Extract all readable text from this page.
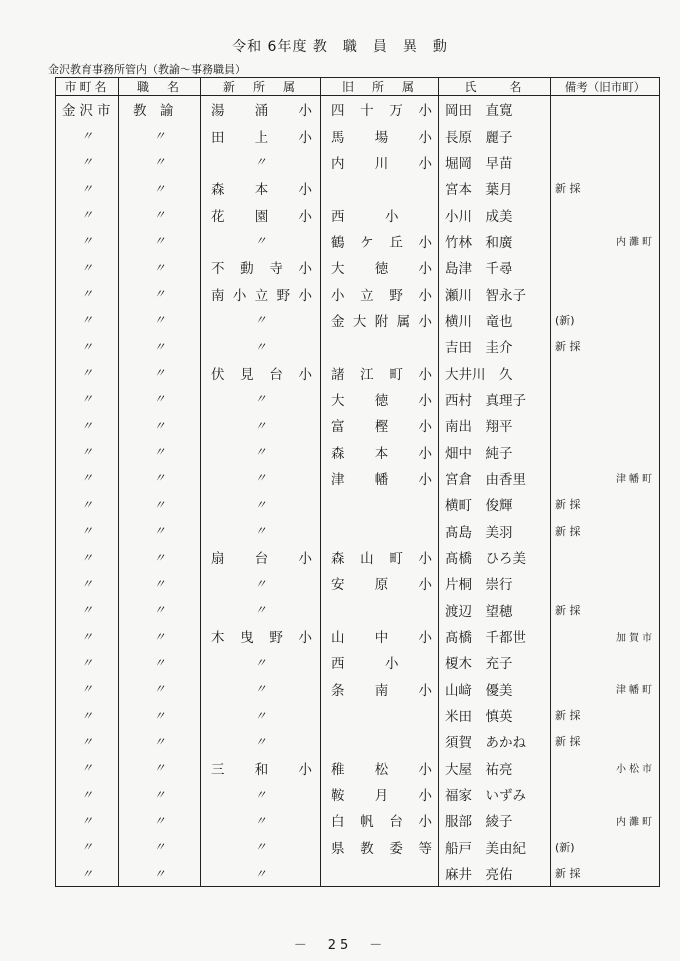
令和 6年度 教　職　員　異　動
金沢教育事務所管内（教諭～事務職員）
市町名	職　名	新　所　属	旧　所　属	氏　　名	備考（旧市町）

金沢市	教　諭	湯 涌 小	四 十 万 小	岡田　直寛	

〃	〃	田 上 小	馬 場 小	長原　麗子	

〃	〃	〃	内 川 小	堀岡　早苗	

〃	〃	森 本 小		宮本　葉月	新 採

〃	〃	花 園 小	西　　　小	小川　成美	

〃	〃	〃	鶴 ケ 丘 小	竹林　和廣	内灘町

〃	〃	不 動 寺 小	大 徳 小	島津　千尋	

〃	〃	南 小 立 野 小	小 立 野 小	瀬川　智永子	

〃	〃	〃	金 大 附 属 小	横川　竜也	(新)

〃	〃	〃		吉田　圭介	新 採

〃	〃	伏 見 台 小	諸 江 町 小	大井川　久	

〃	〃	〃	大 徳 小	西村　真理子	

〃	〃	〃	富 樫 小	南出　翔平	

〃	〃	〃	森 本 小	畑中　純子	

〃	〃	〃	津 幡 小	宮倉　由香里	津幡町

〃	〃	〃		横町　俊輝	新 採

〃	〃	〃		髙島　美羽	新 採

〃	〃	扇 台 小	森 山 町 小	髙橋　ひろ美	

〃	〃	〃	安 原 小	片桐　崇行	

〃	〃	〃		渡辺　望穂	新 採

〃	〃	木 曳 野 小	山 中 小	髙橋　千都世	加賀市

〃	〃	〃	西　　　小	榎木　充子	

〃	〃	〃	条 南 小	山﨑　優美	津幡町

〃	〃	〃		米田　慎英	新 採

〃	〃	〃		須賀　あかね	新 採

〃	〃	三 和 小	稚 松 小	大屋　祐亮	小松市

〃	〃	〃	鞍 月 小	福家　いずみ	

〃	〃	〃	白 帆 台 小	服部　綾子	内灘町

〃	〃	〃	県 教 委 等	船戸　美由紀	(新)

〃	〃	〃		麻井　亮佑	新 採
－　25　－
